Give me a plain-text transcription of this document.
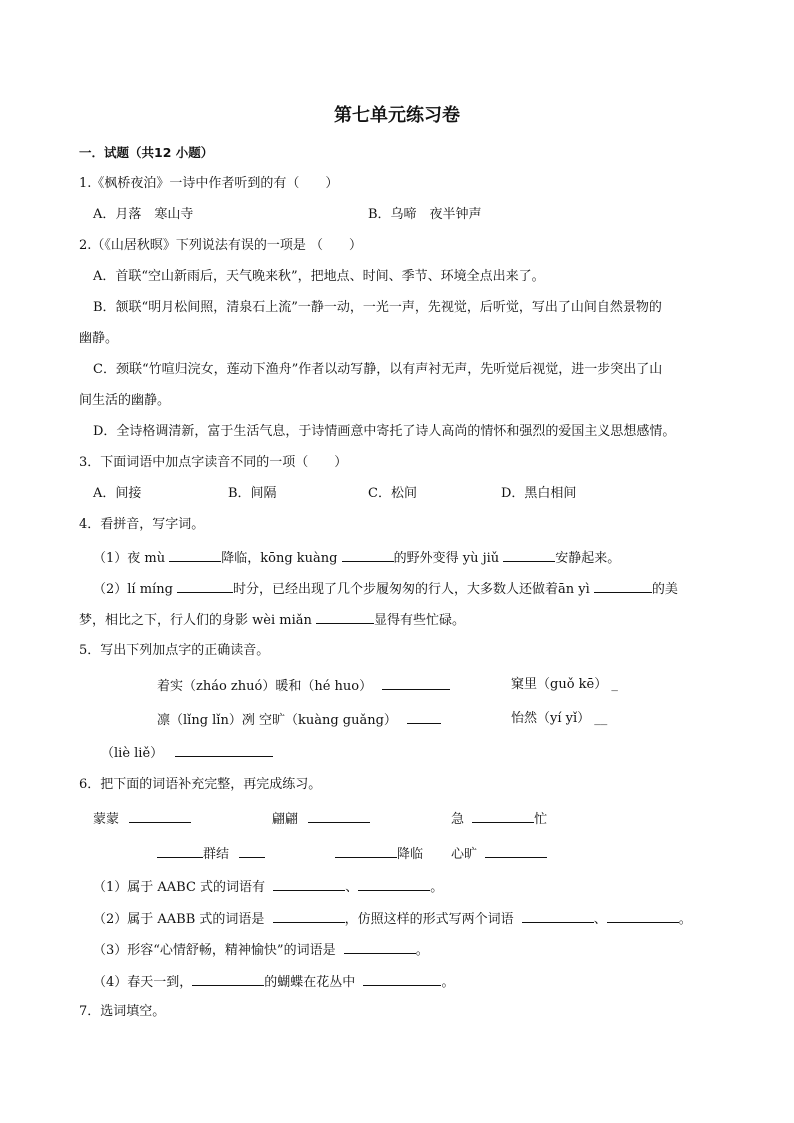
第七单元练习卷
一．试题（共12 小题）
1.《枫桥夜泊》一诗中作者听到的有（　　）
A．月落　寒山寺	B．乌啼　夜半钟声
2.（《山居秋暝》下列说法有误的一项是 （　　）
A．首联“空山新雨后，天气晚来秋”，把地点、时间、季节、环境全点出来了。
B．颔联“明月松间照，清泉石上流”一静一动，一光一声，先视觉，后听觉，写出了山间自然景物的
幽静。
C．颈联“竹喧归浣女，莲动下渔舟”作者以动写静，以有声衬无声，先听觉后视觉，进一步突出了山
间生活的幽静。
D．全诗格调清新，富于生活气息，于诗情画意中寄托了诗人高尚的情怀和强烈的爱国主义思想感情。
3．下面词语中加点字读音不同的一项（　　）
A．间接	B．间隔	C．松间	D．黑白相间
4．看拼音，写字词。
（1）夜 mù	降临，kōng kuàng	的野外变得 yù jiǔ	安静起来。
（2）lí míng	时分，已经出现了几个步履匆匆的行人，大多数人还做着ān yì	的美
梦，相比之下，行人们的身影 wèi miǎn	显得有些忙碌。
5．写出下列加点字的正确读音。
着实（zháo zhuó）暖和（hé huo）	窠里（guǒ kē） _
凛（lǐng lǐn）冽 空旷（kuàng guǎng）	怡然（yí yǐ） __
（liè liě）
6．把下面的词语补充完整，再完成练习。
蒙蒙	翩翩	急	忙
群结	降临 心旷
（1）属于 AABC 式的词语有	、	。
（2）属于 AABB 式的词语是	，仿照这样的形式写两个词语	、	。
（3）形容“心情舒畅，精神愉快”的词语是	。
（4）春天一到，	的蝴蝶在花丛中	。
7．选词填空。
